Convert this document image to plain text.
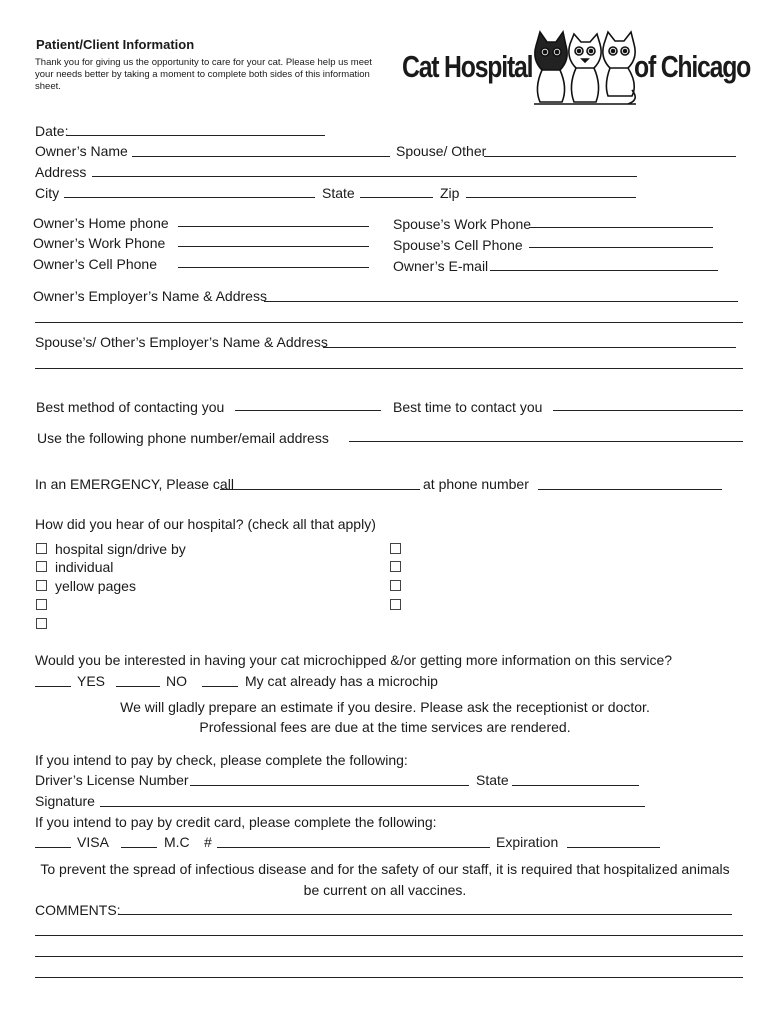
Patient/Client Information
Thank you for giving us the opportunity to care for your cat. Please help us meet your needs better by taking a moment to complete both sides of this information sheet.
Cat Hospital	of Chicago
Date:
Owner’s Name	Spouse/ Other
Address
City	State	Zip
Owner’s Home phone	Spouse’s Work Phone
Owner’s Work Phone	Spouse’s Cell Phone
Owner’s Cell Phone	Owner’s E-mail
Owner’s Employer’s Name & Address
Spouse’s/ Other’s Employer’s Name & Address
Best method of contacting you	Best time to contact you
Use the following phone number/email address
In an EMERGENCY, Please call	at phone number
How did you hear of our hospital? (check all that apply)
hospital sign/drive by
individual
yellow pages
Would you be interested in having your cat microchipped &/or getting more information on this service?
YES	NO	My cat already has a microchip
We will gladly prepare an estimate if you desire. Please ask the receptionist or doctor.
Professional fees are due at the time services are rendered.
If you intend to pay by check, please complete the following:
Driver’s License Number	State
Signature
If you intend to pay by credit card, please complete the following:
VISA	M.C #	Expiration
To prevent the spread of infectious disease and for the safety of our staff, it is required that hospitalized animals
be current on all vaccines.
COMMENTS:
